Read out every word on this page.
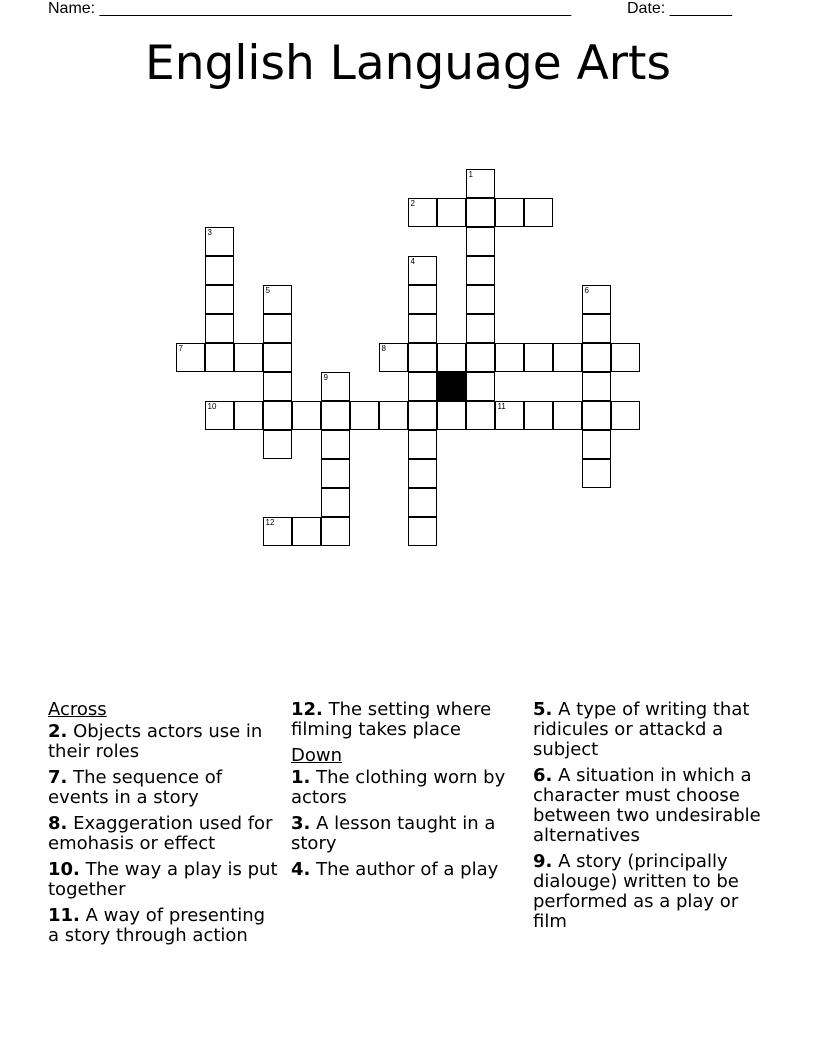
Name: _____________________________________________________	Date: _______
English Language Arts
2
7	8
10	11
12
1
3
4
5	6
9
Across
2. Objects actors use in their roles
7. The sequence of events in a story
8. Exaggeration used for emohasis or effect
10. The way a play is put together
11. A way of presenting a story through action
12. The setting where filming takes place
Down
1. The clothing worn by actors
3. A lesson taught in a story
4. The author of a play
5. A type of writing that ridicules or attackd a subject
6. A situation in which a character must choose between two undesirable alternatives
9. A story (principally dialouge) written to be performed as a play or film
